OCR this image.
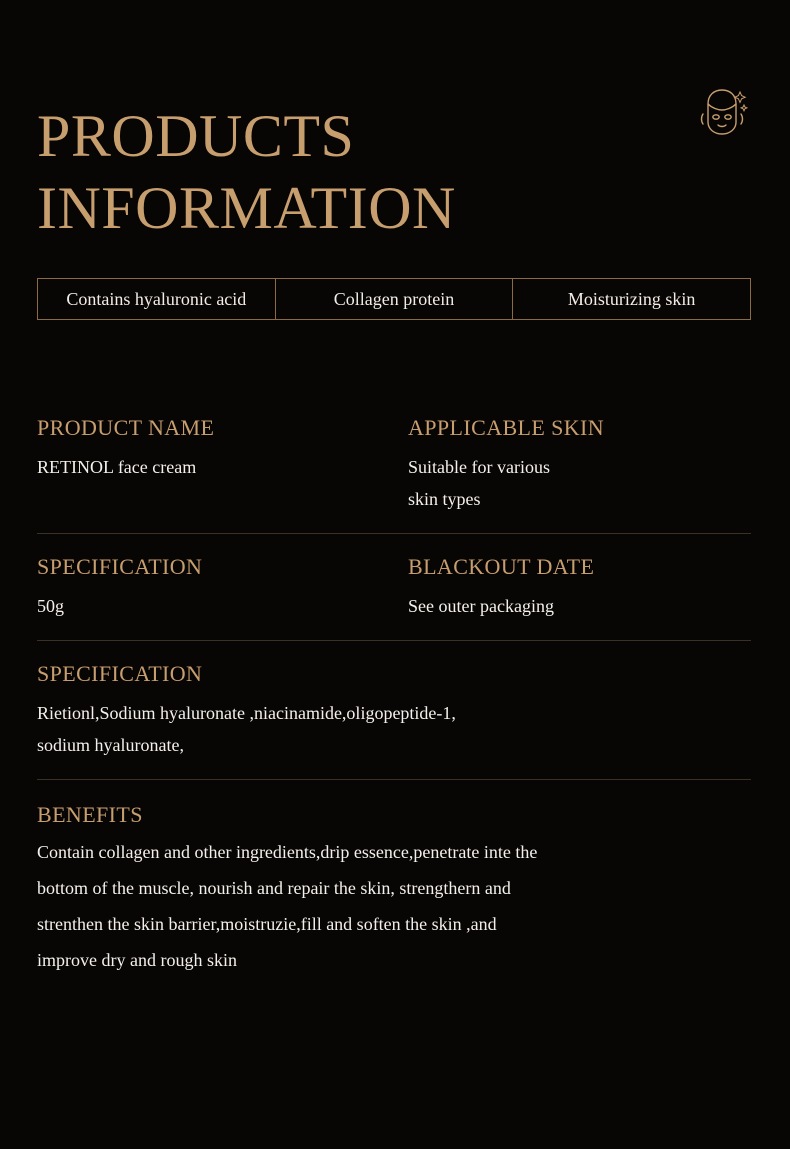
PRODUCTS
INFORMATION
Contains hyaluronic acid	Collagen protein	Moisturizing skin
PRODUCT NAME
RETINOL face cream
APPLICABLE SKIN
Suitable for various
skin types
SPECIFICATION
50g
BLACKOUT DATE
See outer packaging
SPECIFICATION
Rietionl,Sodium hyaluronate ,niacinamide,oligopeptide-1,
sodium hyaluronate,
BENEFITS
Contain collagen and other ingredients,drip essence,penetrate inte the
bottom of the muscle, nourish and repair the skin, strengthern and
strenthen the skin barrier,moistruzie,fill and soften the skin ,and
improve dry and rough skin
